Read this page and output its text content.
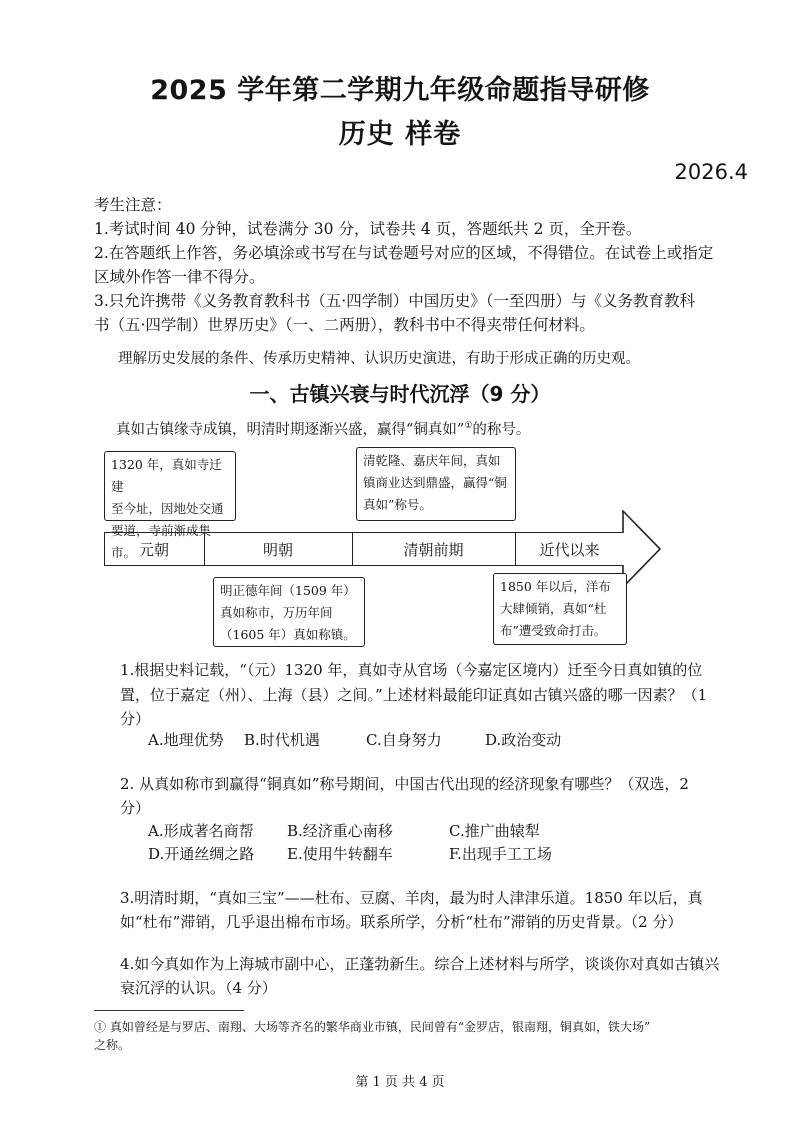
2025 学年第二学期九年级命题指导研修
历史 样卷
2026.4
考生注意：
1.考试时间 40 分钟，试卷满分 30 分，试卷共 4 页，答题纸共 2 页，全开卷。
2.在答题纸上作答，务必填涂或书写在与试卷题号对应的区域，不得错位。在试卷上或指定
区域外作答一律不得分。
3.只允许携带《义务教育教科书（五·四学制）中国历史》（一至四册）与《义务教育教科
书（五·四学制）世界历史》（一、二两册），教科书中不得夹带任何材料。
理解历史发展的条件、传承历史精神、认识历史演进，有助于形成正确的历史观。
一、古镇兴衰与时代沉浮（9 分）
真如古镇缘寺成镇，明清时期逐渐兴盛，赢得“铜真如”①的称号。
1320 年，真如寺迁建
至今址，因地处交通
要道，寺前渐成集市。
清乾隆、嘉庆年间，真如
镇商业达到鼎盛，赢得“铜
真如”称号。
元朝	明朝	清朝前期	近代以来
明正德年间（1509 年）
真如称市，万历年间
（1605 年）真如称镇。
1850 年以后，洋布
大肆倾销，真如“杜
布”遭受致命打击。
1.根据史料记载，“（元）1320 年，真如寺从官场（今嘉定区境内）迁至今日真如镇的位
置，位于嘉定（州）、上海（县）之间。”上述材料最能印证真如古镇兴盛的哪一因素？（1
分）
A.地理优势 B.时代机遇	C.自身努力	D.政治变动
2. 从真如称市到赢得“铜真如”称号期间，中国古代出现的经济现象有哪些？（双选，2
分）
A.形成著名商帮 B.经济重心南移	C.推广曲辕犁
D.开通丝绸之路 E.使用牛转翻车	F.出现手工工场
3.明清时期，“真如三宝”——杜布、豆腐、羊肉，最为时人津津乐道。1850 年以后，真
如“杜布”滞销，几乎退出棉布市场。联系所学，分析“杜布”滞销的历史背景。（2 分）
4.如今真如作为上海城市副中心，正蓬勃新生。综合上述材料与所学，谈谈你对真如古镇兴
衰沉浮的认识。（4 分）
① 真如曾经是与罗店、南翔、大场等齐名的繁华商业市镇，民间曾有“金罗店，银南翔，铜真如，铁大场”
之称。
第 1 页 共 4 页
